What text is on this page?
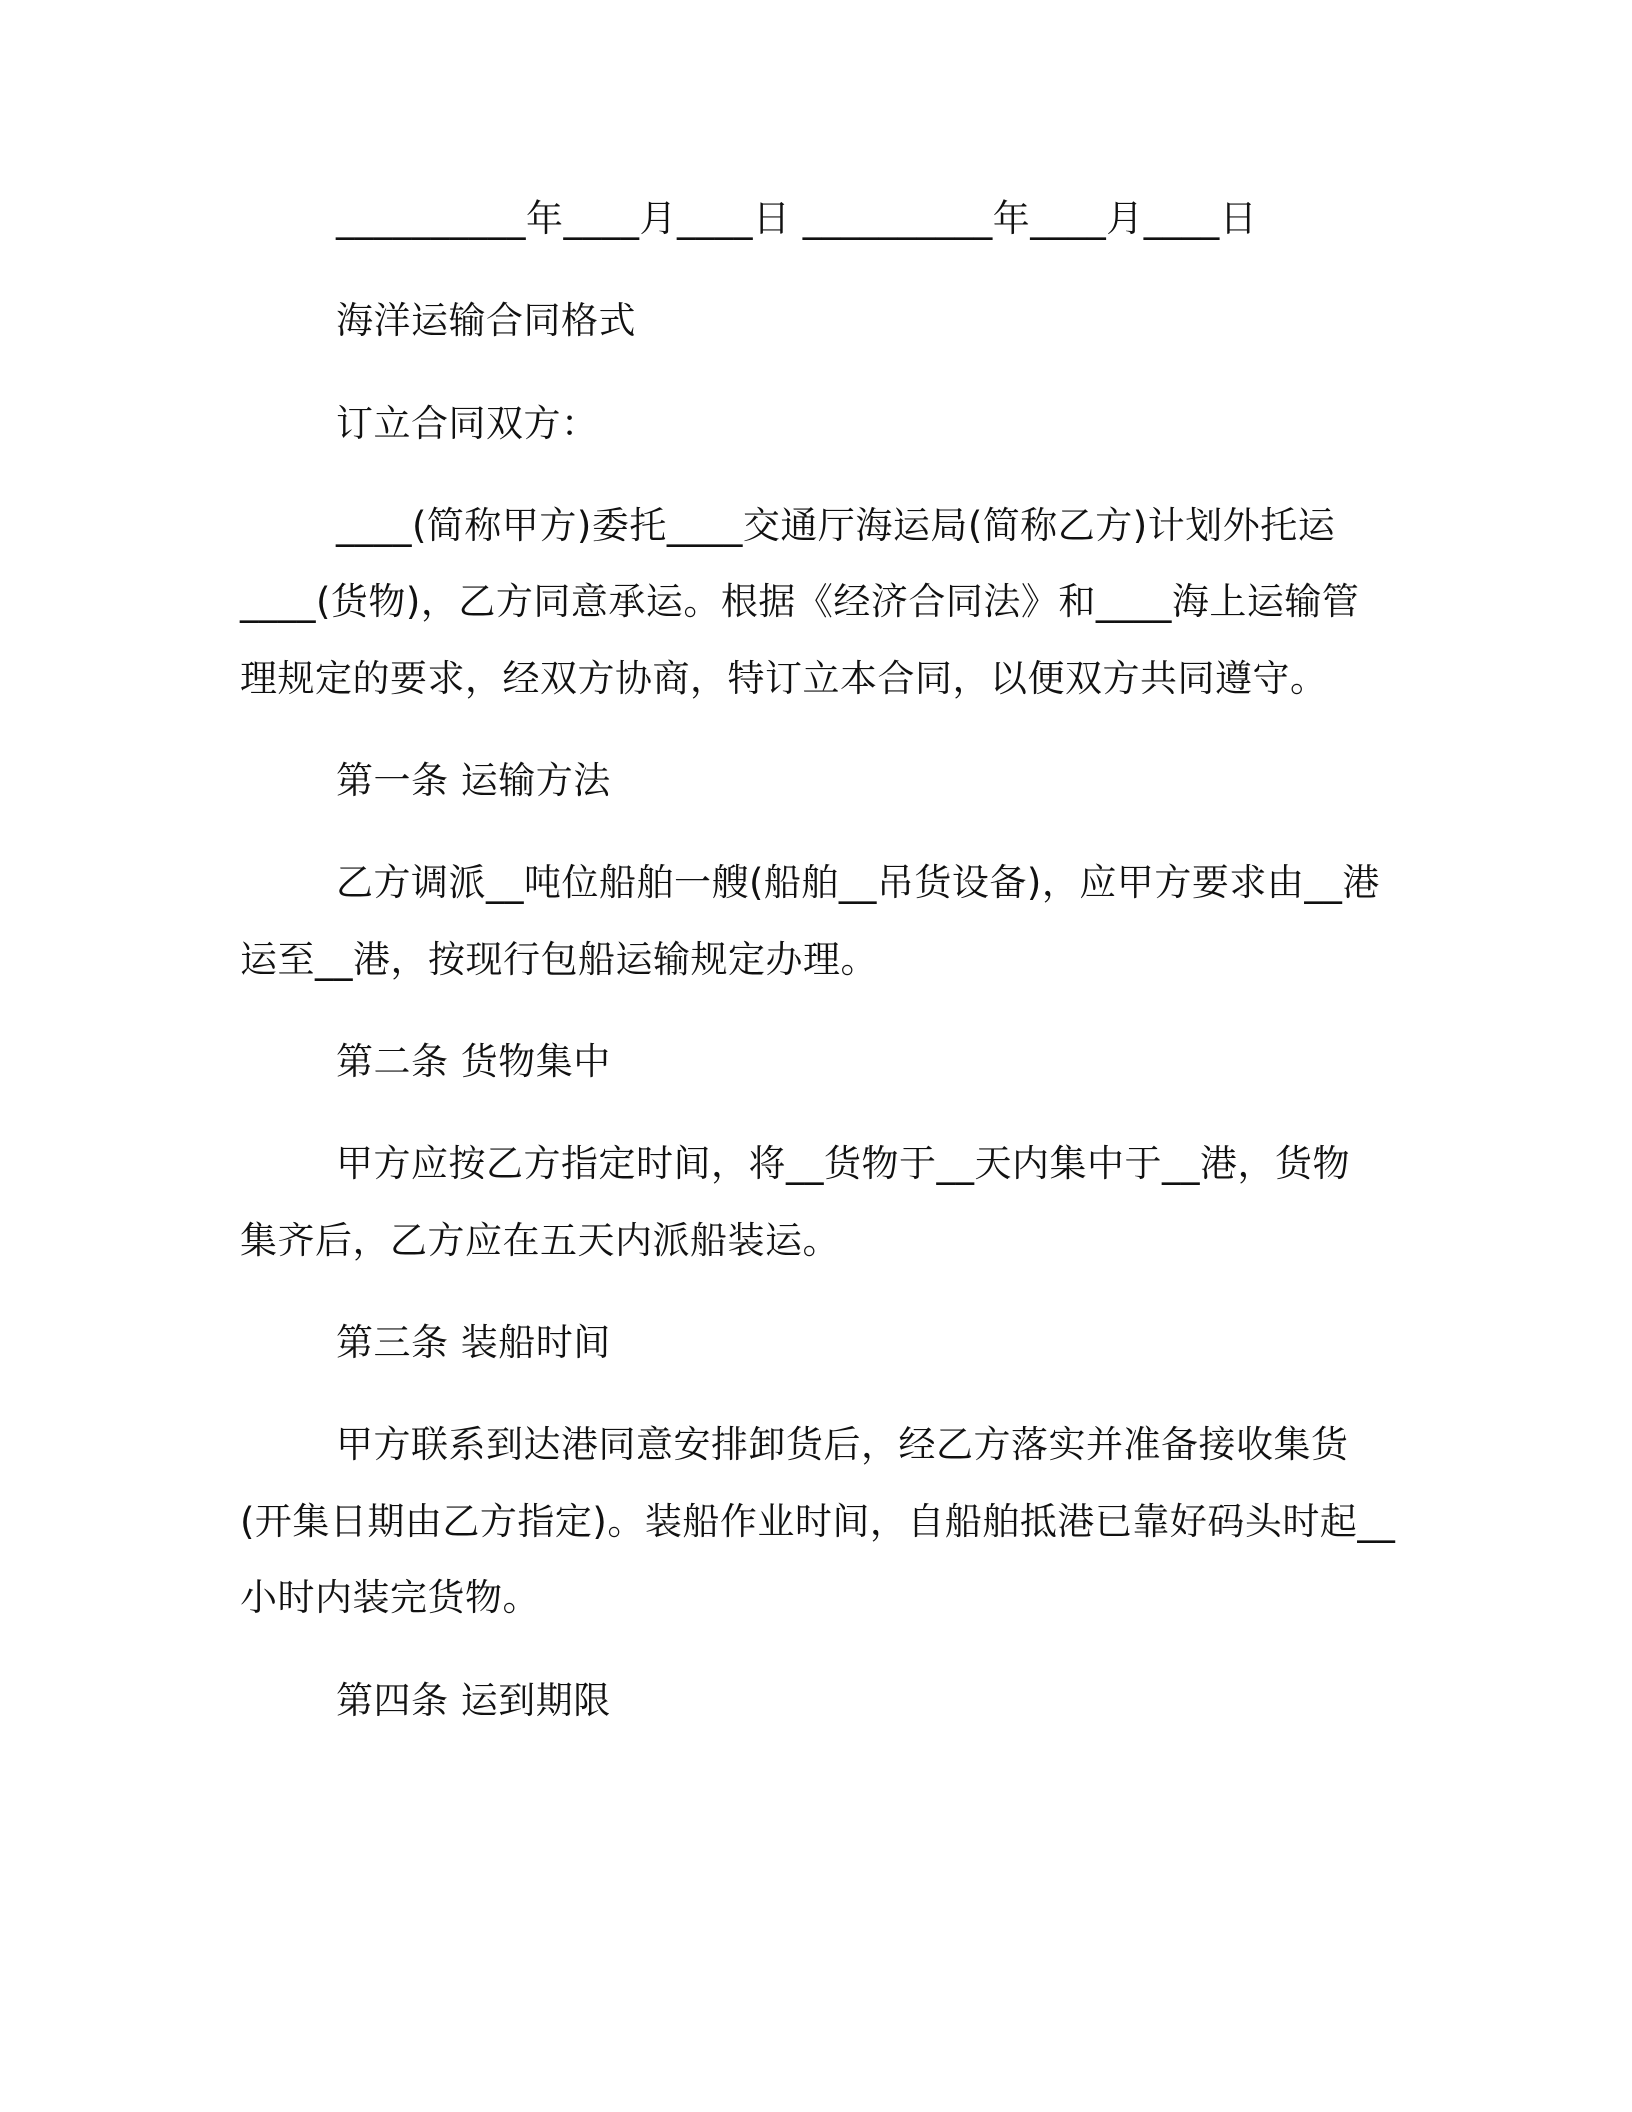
__________年____月____日 __________年____月____日
海洋运输合同格式
订立合同双方：
____(简称甲方)委托____交通厅海运局(简称乙方)计划外托运
____(货物)，乙方同意承运。根据《经济合同法》和____海上运输管
理规定的要求，经双方协商，特订立本合同，以便双方共同遵守。
第一条 运输方法
乙方调派__吨位船舶一艘(船舶__吊货设备)，应甲方要求由__港
运至__港，按现行包船运输规定办理。
第二条 货物集中
甲方应按乙方指定时间，将__货物于__天内集中于__港，货物
集齐后，乙方应在五天内派船装运。
第三条 装船时间
甲方联系到达港同意安排卸货后，经乙方落实并准备接收集货
(开集日期由乙方指定)。装船作业时间，自船舶抵港已靠好码头时起__
小时内装完货物。
第四条 运到期限
